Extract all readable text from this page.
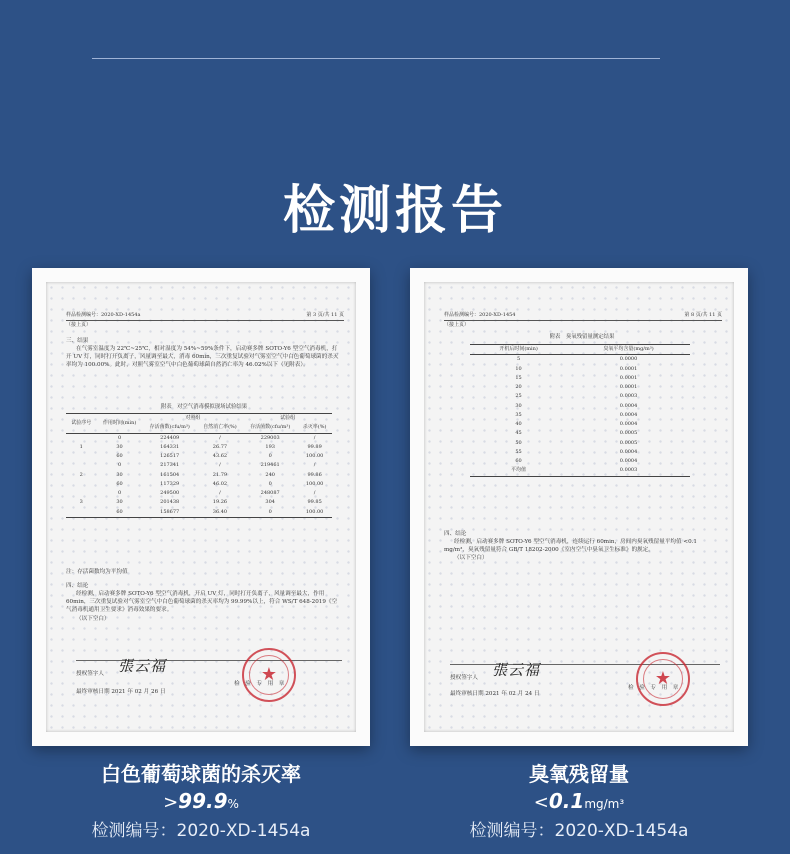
检测报告
样品检测编号：2020-XD-1454a	第 3 页/共 11 页
（接上页）

三、结果

在气雾室温度为 22℃~25℃，相对湿度为 54%~59%条件下，启动赛多牌 SOTO-Y6 型空气消毒机，打开 UV 灯，同时打开负离子，风量调至最大，消毒 60min，三次重复试验对气雾室空气中白色葡萄球菌的杀灭率均为 100.00%。此时，对照气雾室空气中白色葡萄球菌自然消亡率为 46.02%以下（见附表）。

附表　对空气消毒模拟现场试验结果
试验序号	作用时间(min)	对照组		试验组	
		存活菌数(cfu/m³)	自然消亡率(%)	存活菌数(cfu/m³)	杀灭率(%)
	0	224409	/	229003	/
1	30	164331	26.77	193	99.89
	60	126517	43.62	0	100.00
	0	217341	/	219461	/
2	30	161504	21.79	240	99.86
	60	117329	46.02	0	100.00
	0	249500	/	248087	/
3	30	201438	19.26	304	99.85
	60	158677	36.40	0	100.00

注：存活菌数均为平均值

四、结论

经检测，启动赛多牌 SOTO-Y6 型空气消毒机，开启 UV 灯，同时打开负离子，风量调至最大，作用 60min，三次重复试验对气雾室空气中白色葡萄球菌的杀灭率均为 99.99%以上，符合 WS/T 648-2019《空气消毒机通用卫生要求》消毒效果的要求。

（以下空白）

授权签字人 張云福
最终审核日期 2021 年 02 月 26 日
★
检　验　专　用　章
样品检测编号：2020-XD-1454	第 8 页/共 11 页
（接上页）
附表　臭氧残留量测定结果
开机后时间(min)	臭氧平均含量(mg/m³)
5	0.0000
10	0.0001
15	0.0001
20	0.0001
25	0.0003
30	0.0004
35	0.0004
40	0.0004
45	0.0005
50	0.0005
55	0.0004
60	0.0004
平均值	0.0003

四、结论

经检测，启动赛多牌 SOTO-Y6 型空气消毒机，连续运行 60min，房间内臭氧残留量平均值 <0.1 mg/m³，臭氧残留量符合 GB/T 18202-2000《室内空气中臭氧卫生标准》的规定。

（以下空白）

授权签字人 張云福
最终审核日期 2021 年 02 月 24 日
★
检　验　专　用　章
白色葡萄球菌的杀灭率
>99.9%
检测编号：2020-XD-1454a
臭氧残留量
<0.1mg/m³
检测编号：2020-XD-1454a
